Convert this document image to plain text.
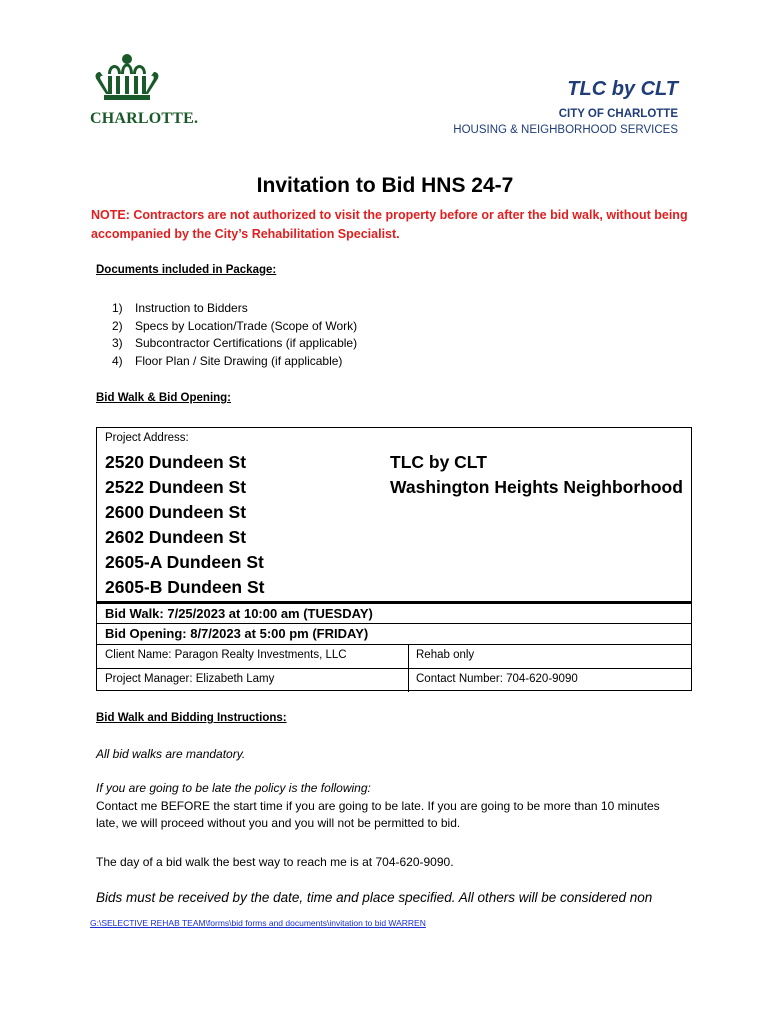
CHARLOTTE.
TLC by CLT
CITY OF CHARLOTTE
HOUSING & NEIGHBORHOOD SERVICES
Invitation to Bid HNS 24-7
NOTE: Contractors are not authorized to visit the property before or after the bid walk, without being accompanied by the City’s Rehabilitation Specialist.
Documents included in Package:
1) Instruction to Bidders
2) Specs by Location/Trade (Scope of Work)
3) Subcontractor Certifications (if applicable)
4) Floor Plan / Site Drawing (if applicable)
Bid Walk & Bid Opening:
Project Address:
2520 Dundeen St
2522 Dundeen St
2600 Dundeen St
2602 Dundeen St
2605-A Dundeen St
2605-B Dundeen St
TLC by CLT
Washington Heights Neighborhood
Bid Walk: 7/25/2023 at 10:00 am (TUESDAY)
Bid Opening: 8/7/2023 at 5:00 pm (FRIDAY)
Client Name: Paragon Realty Investments, LLC	Rehab only
Project Manager: Elizabeth Lamy	Contact Number: 704-620-9090
Bid Walk and Bidding Instructions:
All bid walks are mandatory.
If you are going to be late the policy is the following:
Contact me BEFORE the start time if you are going to be late. If you are going to be more than 10 minutes late, we will proceed without you and you will not be permitted to bid.
The day of a bid walk the best way to reach me is at 704-620-9090.
Bids must be received by the date, time and place specified. All others will be considered non
G:\SELECTIVE REHAB TEAM\forms\bid forms and documents\invitation to bid WARREN
